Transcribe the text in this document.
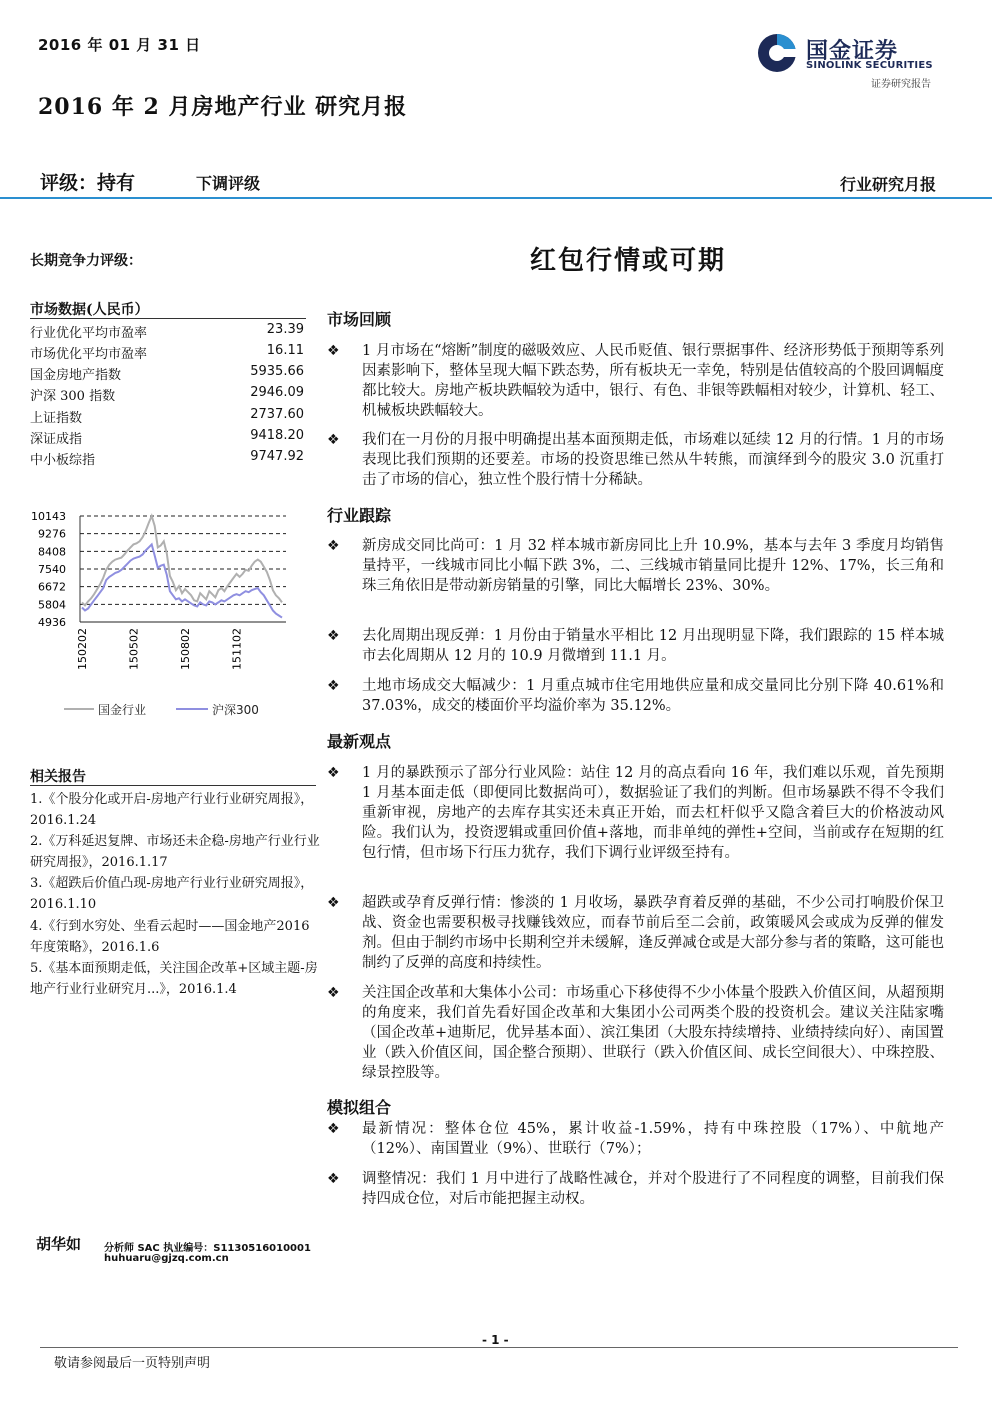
2016 年 01 月 31 日	国金证券
SINOLINK SECURITIES
证券研究报告
2016 年 2 月房地产行业 研究月报
评级：持有	下调评级	行业研究月报
长期竞争力评级：	红包行情或可期
市场数据(人民币）
行业优化平均市盈率	23.39
市场优化平均市盈率	16.11
国金房地产指数	5935.66
沪深 300 指数	2946.09
上证指数	2737.60
深证成指	9418.20
中小板综指	9747.92
10143
9276
8408
7540
6672
5804
4936
150202	150502	150802	151102
国金行业	沪深300
相关报告
1.《个股分化或开启-房地产行业行业研究周报》，2016.1.24
2.《万科延迟复牌、市场还未企稳-房地产行业行业研究周报》，2016.1.17
3.《超跌后价值凸现-房地产行业行业研究周报》，2016.1.10
4.《行到水穷处、坐看云起时——国金地产2016 年度策略》，2016.1.6
5.《基本面预期走低，关注国企改革+区域主题-房地产行业行业研究月...》，2016.1.4
市场回顾
❖	1 月市场在“熔断”制度的磁吸效应、人民币贬值、银行票据事件、经济形势低于预期等系列因素影响下，整体呈现大幅下跌态势，所有板块无一幸免，特别是估值较高的个股回调幅度都比较大。房地产板块跌幅较为适中，银行、有色、非银等跌幅相对较少，计算机、轻工、机械板块跌幅较大。
❖	我们在一月份的月报中明确提出基本面预期走低，市场难以延续 12 月的行情。1 月的市场表现比我们预期的还要差。市场的投资思维已然从牛转熊，而演绎到今的股灾 3.0 沉重打击了市场的信心，独立性个股行情十分稀缺。
行业跟踪
❖	新房成交同比尚可：1 月 32 样本城市新房同比上升 10.9%，基本与去年 3 季度月均销售量持平，一线城市同比小幅下跌 3%，二、三线城市销量同比提升 12%、17%，长三角和珠三角依旧是带动新房销量的引擎，同比大幅增长 23%、30%。
❖	去化周期出现反弹：1 月份由于销量水平相比 12 月出现明显下降，我们跟踪的 15 样本城市去化周期从 12 月的 10.9 月微增到 11.1 月。
❖	土地市场成交大幅减少：1 月重点城市住宅用地供应量和成交量同比分别下降 40.61%和 37.03%，成交的楼面价平均溢价率为 35.12%。
最新观点
❖	1 月的暴跌预示了部分行业风险：站住 12 月的高点看向 16 年，我们难以乐观，首先预期 1 月基本面走低（即便同比数据尚可），数据验证了我们的判断。但市场暴跌不得不令我们重新审视，房地产的去库存其实还未真正开始，而去杠杆似乎又隐含着巨大的价格波动风险。我们认为，投资逻辑或重回价值+落地，而非单纯的弹性+空间，当前或存在短期的红包行情，但市场下行压力犹存，我们下调行业评级至持有。
❖	超跌或孕育反弹行情：惨淡的 1 月收场，暴跌孕育着反弹的基础，不少公司打响股价保卫战、资金也需要积极寻找赚钱效应，而春节前后至二会前，政策暖风会或成为反弹的催发剂。但由于制约市场中长期利空并未缓解，逢反弹减仓或是大部分参与者的策略，这可能也制约了反弹的高度和持续性。
❖	关注国企改革和大集体小公司：市场重心下移使得不少小体量个股跌入价值区间，从超预期的角度来，我们首先看好国企改革和大集团小公司两类个股的投资机会。建议关注陆家嘴（国企改革+迪斯尼，优异基本面）、滨江集团（大股东持续增持、业绩持续向好）、南国置业（跌入价值区间，国企整合预期）、世联行（跌入价值区间、成长空间很大）、中珠控股、绿景控股等。
模拟组合
❖	最新情况：整体仓位 45%，累计收益-1.59%，持有中珠控股（17%）、中航地产（12%）、南国置业（9%）、世联行（7%）；
❖	调整情况：我们 1 月中进行了战略性减仓，并对个股进行了不同程度的调整，目前我们保持四成仓位，对后市能把握主动权。
胡华如 分析师 SAC 执业编号：S1130516010001
huhuaru@gjzq.com.cn
- 1 -
敬请参阅最后一页特别声明
